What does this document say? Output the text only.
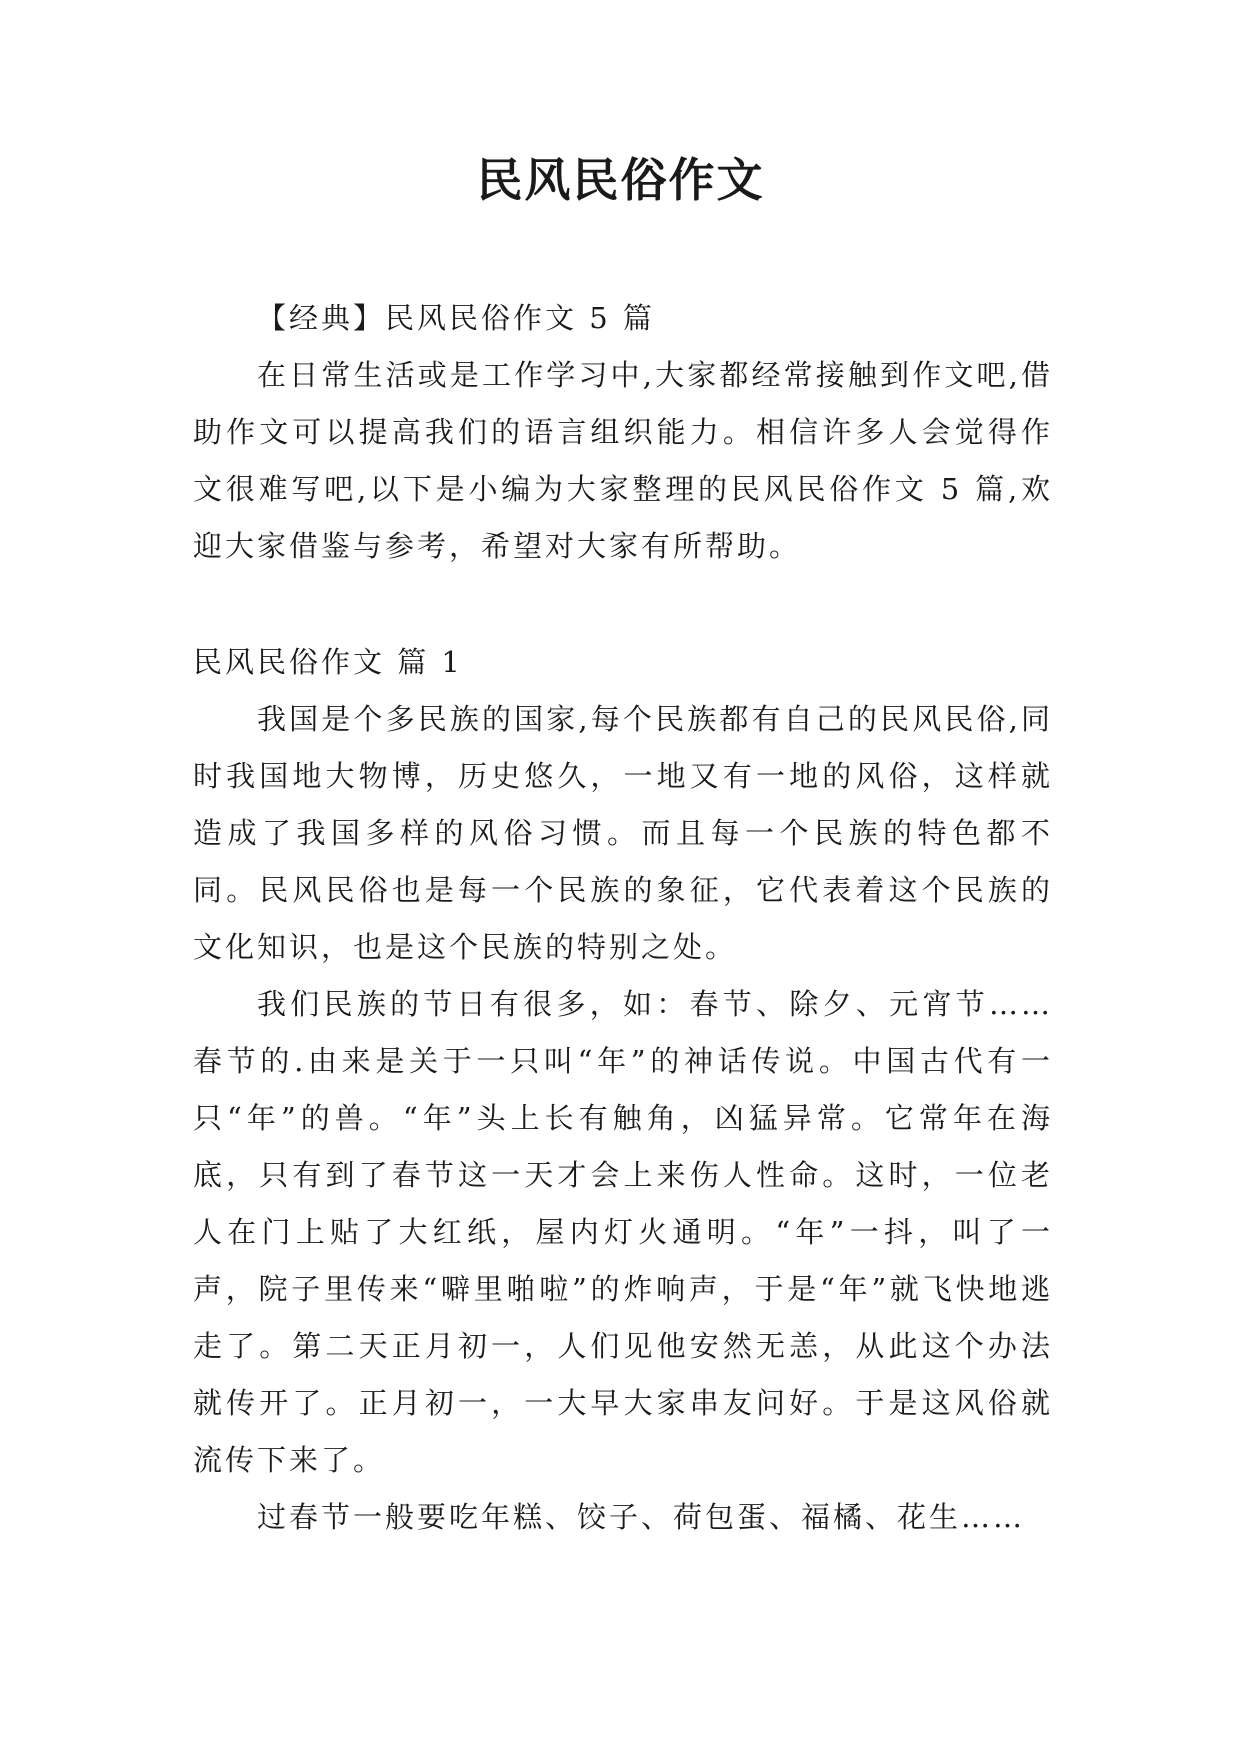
民风民俗作文

【经典】民风民俗作文 5 篇

在日常生活或是工作学习中,大家都经常接触到作文吧,借助作文可以提高我们的语言组织能力。相信许多人会觉得作文很难写吧,以下是小编为大家整理的民风民俗作文 5 篇,欢迎大家借鉴与参考，希望对大家有所帮助。

民风民俗作文 篇 1

我国是个多民族的国家,每个民族都有自己的民风民俗,同时我国地大物博，历史悠久，一地又有一地的风俗，这样就造成了我国多样的风俗习惯。而且每一个民族的特色都不同。民风民俗也是每一个民族的象征，它代表着这个民族的文化知识，也是这个民族的特别之处。

我们民族的节日有很多，如：春节、除夕、元宵节……春节的.由来是关于一只叫“年”的神话传说。中国古代有一只“年”的兽。“年”头上长有触角，凶猛异常。它常年在海底，只有到了春节这一天才会上来伤人性命。这时，一位老人在门上贴了大红纸，屋内灯火通明。“年”一抖，叫了一声，院子里传来“噼里啪啦”的炸响声，于是“年”就飞快地逃走了。第二天正月初一，人们见他安然无恙，从此这个办法就传开了。正月初一，一大早大家串友问好。于是这风俗就流传下来了。

过春节一般要吃年糕、饺子、荷包蛋、福橘、花生……
